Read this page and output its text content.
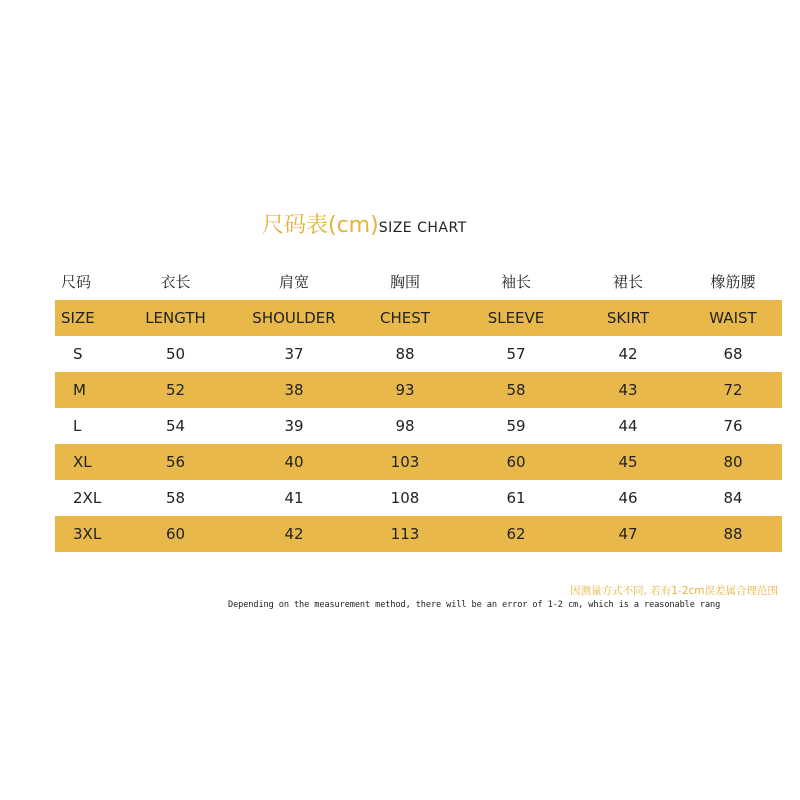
尺码表(cm)SIZE CHART
尺码	衣长	肩宽	胸围	袖长	裙长	橡筋腰
SIZE	LENGTH	SHOULDER	CHEST	SLEEVE	SKIRT	WAIST
S	50	37	88	57	42	68
M	52	38	93	58	43	72
L	54	39	98	59	44	76
XL	56	40	103	60	45	80
2XL	58	41	108	61	46	84
3XL	60	42	113	62	47	88
因测量方式不同, 若有1-2cm误差属合理范围
Depending on the measurement method, there will be an error of 1-2 cm, which is a reasonable rang
